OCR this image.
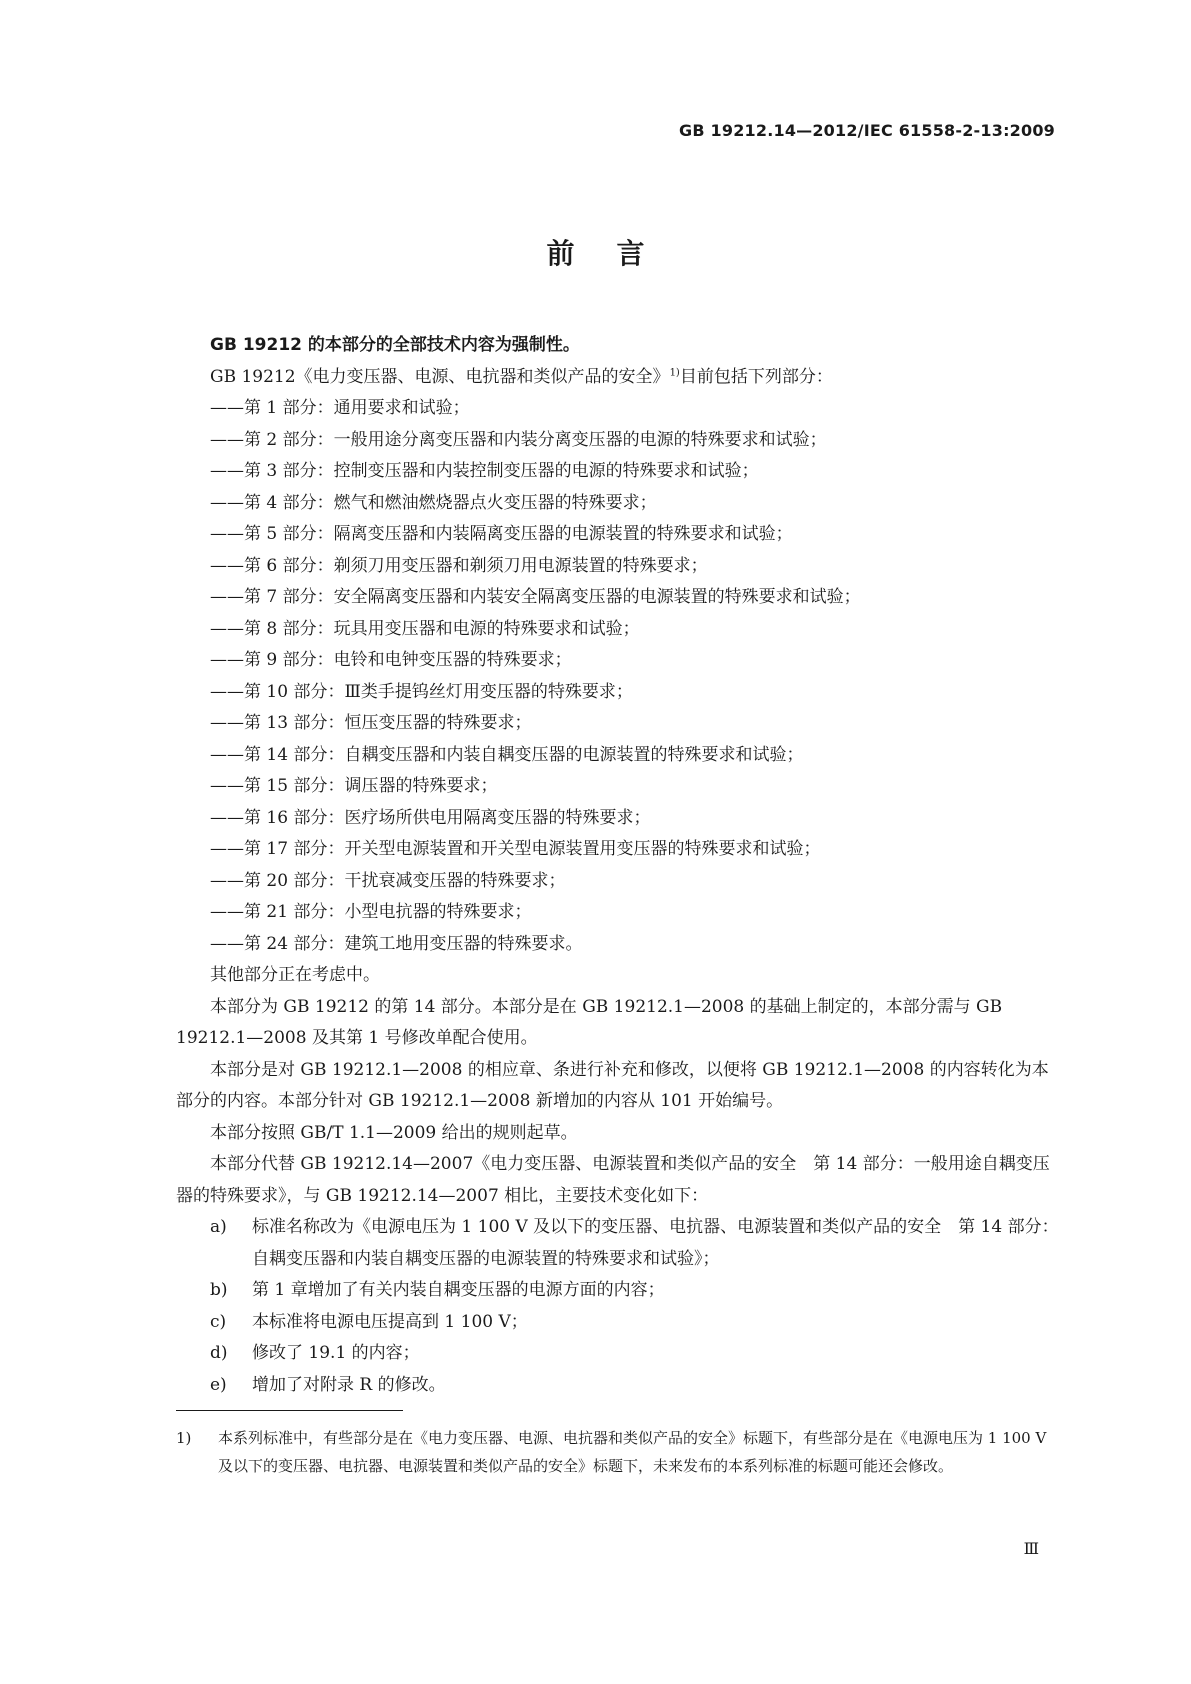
GB 19212.14—2012/IEC 61558-2-13:2009
前言

GB 19212 的本部分的全部技术内容为强制性。

GB 19212《电力变压器、电源、电抗器和类似产品的安全》$^{1)}$目前包括下列部分：

——第 1 部分：通用要求和试验；

——第 2 部分：一般用途分离变压器和内装分离变压器的电源的特殊要求和试验；

——第 3 部分：控制变压器和内装控制变压器的电源的特殊要求和试验；

——第 4 部分：燃气和燃油燃烧器点火变压器的特殊要求；

——第 5 部分：隔离变压器和内装隔离变压器的电源装置的特殊要求和试验；

——第 6 部分：剃须刀用变压器和剃须刀用电源装置的特殊要求；

——第 7 部分：安全隔离变压器和内装安全隔离变压器的电源装置的特殊要求和试验；

——第 8 部分：玩具用变压器和电源的特殊要求和试验；

——第 9 部分：电铃和电钟变压器的特殊要求；

——第 10 部分：Ⅲ类手提钨丝灯用变压器的特殊要求；

——第 13 部分：恒压变压器的特殊要求；

——第 14 部分：自耦变压器和内装自耦变压器的电源装置的特殊要求和试验；

——第 15 部分：调压器的特殊要求；

——第 16 部分：医疗场所供电用隔离变压器的特殊要求；

——第 17 部分：开关型电源装置和开关型电源装置用变压器的特殊要求和试验；

——第 20 部分：干扰衰减变压器的特殊要求；

——第 21 部分：小型电抗器的特殊要求；

——第 24 部分：建筑工地用变压器的特殊要求。

其他部分正在考虑中。

本部分为 GB 19212 的第 14 部分。本部分是在 GB 19212.1—2008 的基础上制定的，本部分需与 GB 19212.1—2008 及其第 1 号修改单配合使用。

本部分是对 GB 19212.1—2008 的相应章、条进行补充和修改，以便将 GB 19212.1—2008 的内容转化为本部分的内容。本部分针对 GB 19212.1—2008 新增加的内容从 101 开始编号。

本部分按照 GB/T 1.1—2009 给出的规则起草。

本部分代替 GB 19212.14—2007《电力变压器、电源装置和类似产品的安全　第 14 部分：一般用途自耦变压器的特殊要求》，与 GB 19212.14—2007 相比，主要技术变化如下：

a)	标准名称改为《电源电压为 1 100 V 及以下的变压器、电抗器、电源装置和类似产品的安全　第 14 部分：自耦变压器和内装自耦变压器的电源装置的特殊要求和试验》；
b)	第 1 章增加了有关内装自耦变压器的电源方面的内容；
c)	本标准将电源电压提高到 1 100 V；
d)	修改了 19.1 的内容；
e)	增加了对附录 R 的修改。
1)	本系列标准中，有些部分是在《电力变压器、电源、电抗器和类似产品的安全》标题下，有些部分是在《电源电压为 1 100 V 及以下的变压器、电抗器、电源装置和类似产品的安全》标题下，未来发布的本系列标准的标题可能还会修改。
Ⅲ
